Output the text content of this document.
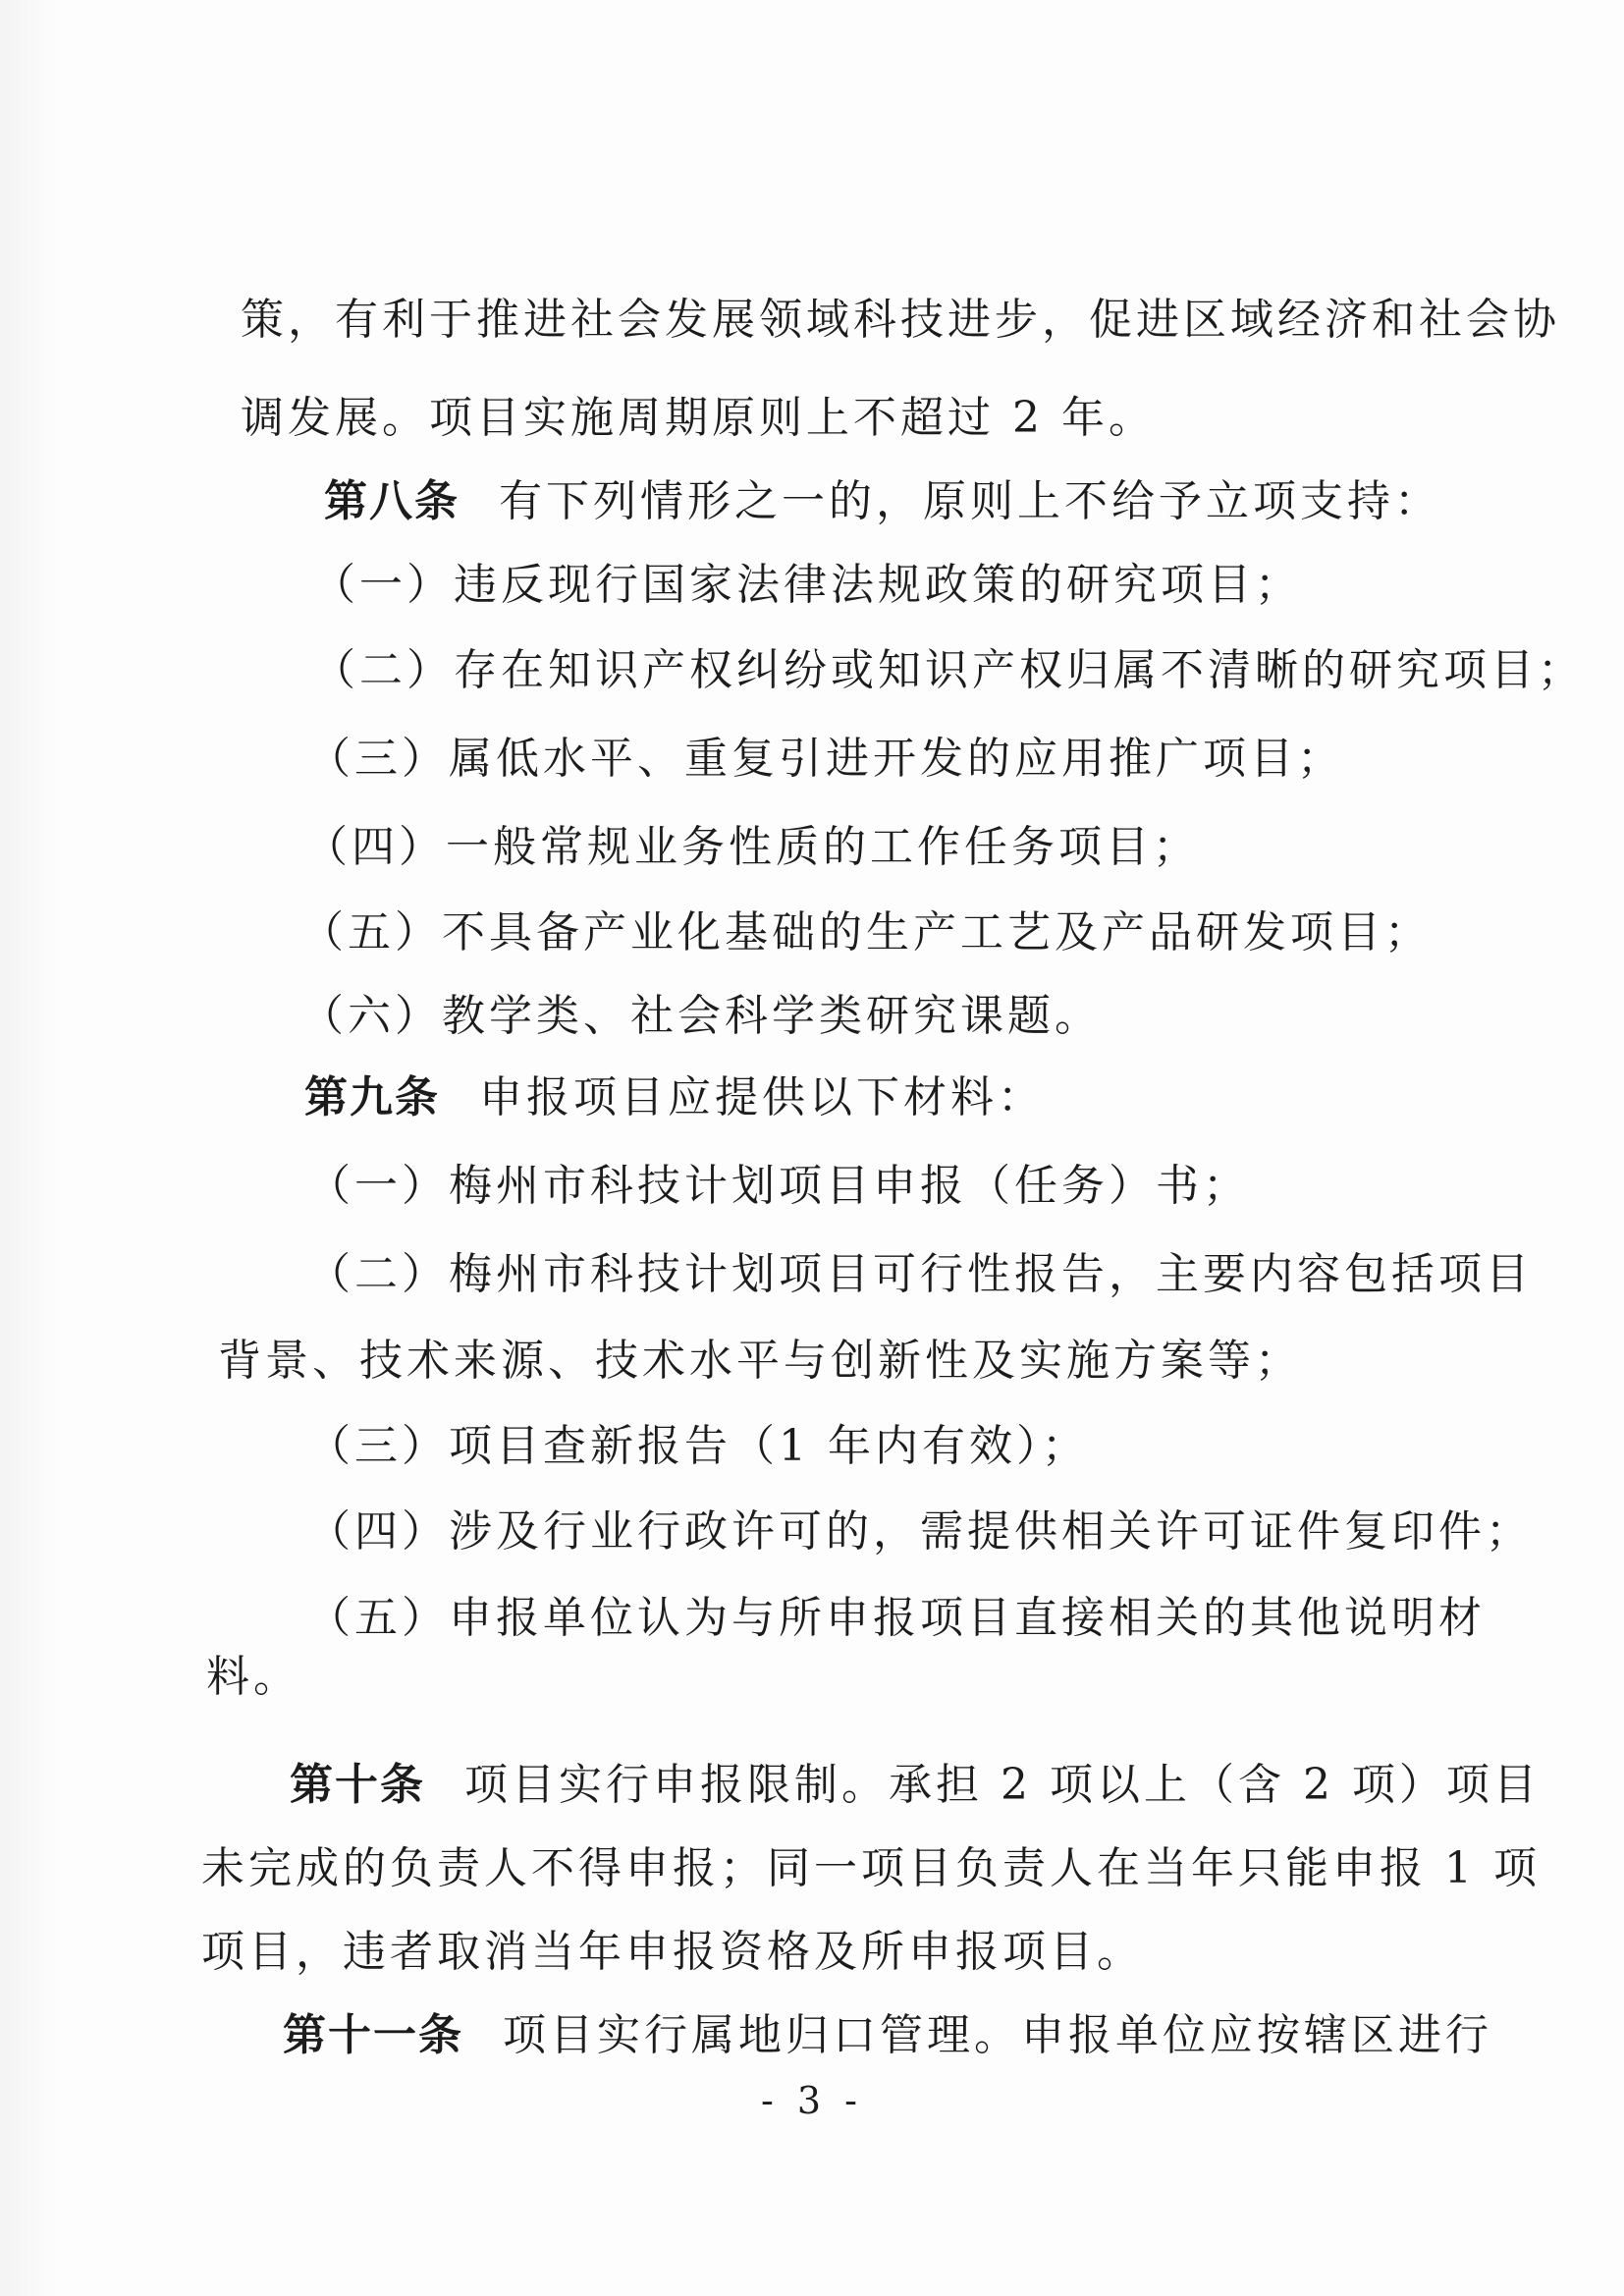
策，有利于推进社会发展领域科技进步，促进区域经济和社会协
调发展。项目实施周期原则上不超过 2 年。
第八条 有下列情形之一的，原则上不给予立项支持：
（一）违反现行国家法律法规政策的研究项目；
（二）存在知识产权纠纷或知识产权归属不清晰的研究项目；
（三）属低水平、重复引进开发的应用推广项目；
（四）一般常规业务性质的工作任务项目；
（五）不具备产业化基础的生产工艺及产品研发项目；
（六）教学类、社会科学类研究课题。
第九条 申报项目应提供以下材料：
（一）梅州市科技计划项目申报（任务）书；
（二）梅州市科技计划项目可行性报告，主要内容包括项目
背景、技术来源、技术水平与创新性及实施方案等；
（三）项目查新报告（1 年内有效）；
（四）涉及行业行政许可的，需提供相关许可证件复印件；
（五）申报单位认为与所申报项目直接相关的其他说明材
料。
第十条 项目实行申报限制。承担 2 项以上（含 2 项）项目
未完成的负责人不得申报；同一项目负责人在当年只能申报 1 项
项目，违者取消当年申报资格及所申报项目。
第十一条 项目实行属地归口管理。申报单位应按辖区进行
- 3 -
